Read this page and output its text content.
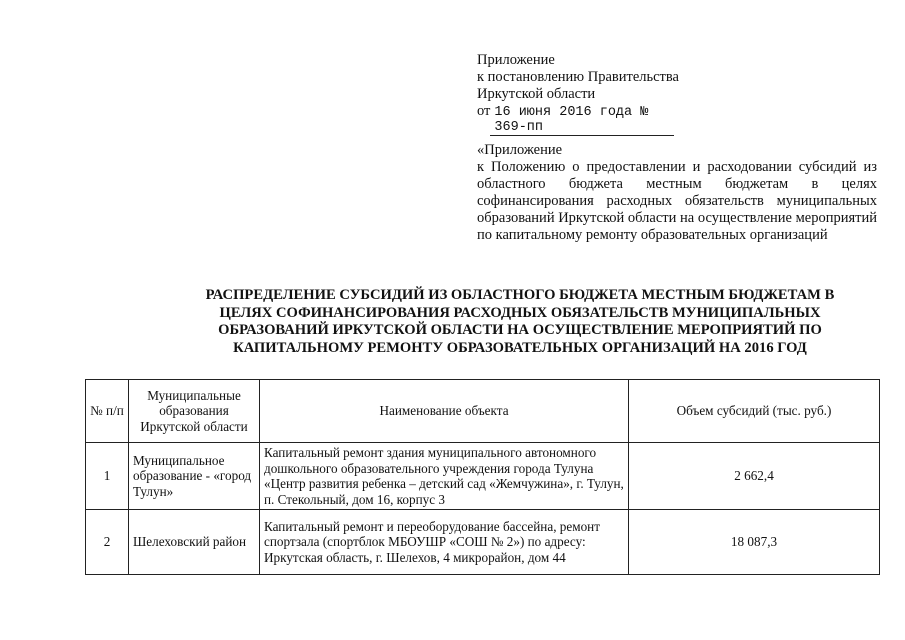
Приложение
к постановлению Правительства
Иркутской области
от 16 июня 2016 года № 369-пп
«Приложение
к Положению о предоставлении и расходовании субсидий из областного бюджета местным бюджетам в целях софинансирования расходных обязательств муниципальных образований Иркутской области на осуществление мероприятий по капитальному ремонту образовательных организаций
РАСПРЕДЕЛЕНИЕ СУБСИДИЙ ИЗ ОБЛАСТНОГО БЮДЖЕТА МЕСТНЫМ БЮДЖЕТАМ В
ЦЕЛЯХ СОФИНАНСИРОВАНИЯ РАСХОДНЫХ ОБЯЗАТЕЛЬСТВ МУНИЦИПАЛЬНЫХ
ОБРАЗОВАНИЙ ИРКУТСКОЙ ОБЛАСТИ НА ОСУЩЕСТВЛЕНИЕ МЕРОПРИЯТИЙ ПО
КАПИТАЛЬНОМУ РЕМОНТУ ОБРАЗОВАТЕЛЬНЫХ ОРГАНИЗАЦИЙ НА 2016 ГОД
№ п/п	Муниципальные образования Иркутской области	Наименование объекта	Объем субсидий (тыс. руб.)
1	Муниципальное образование - «город Тулун»	Капитальный ремонт здания муниципального автономного
дошкольного образовательного учреждения города Тулуна
«Центр развития ребенка – детский сад «Жемчужина», г. Тулун,
п. Стекольный, дом 16, корпус 3	2 662,4
2	Шелеховский район	Капитальный ремонт и переоборудование бассейна, ремонт
спортзала (спортблок МБОУШР «СОШ № 2») по адресу:
Иркутская область, г. Шелехов, 4 микрорайон, дом 44	18 087,3
